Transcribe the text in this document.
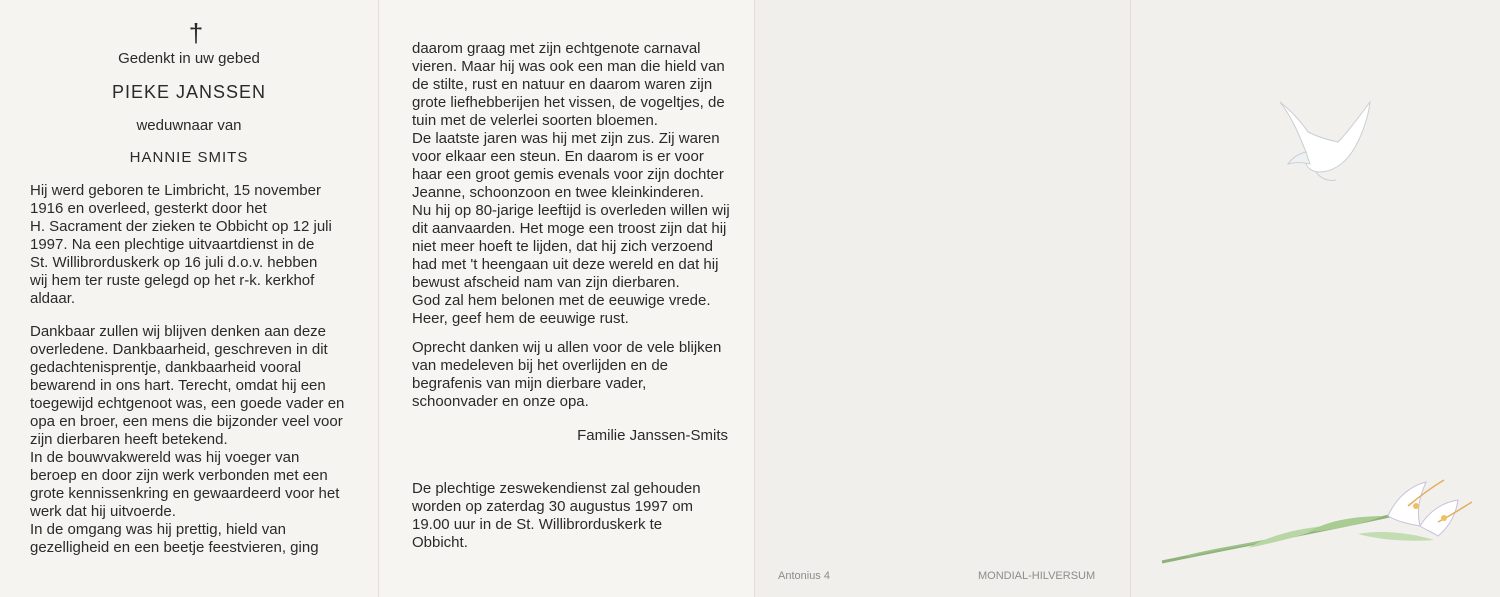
†
Gedenkt in uw gebed
PIEKE JANSSEN
weduwnaar van
HANNIE SMITS
Hij werd geboren te Limbricht, 15 november
1916 en overleed, gesterkt door het
H. Sacrament der zieken te Obbicht op 12 juli
1997. Na een plechtige uitvaartdienst in de
St. Willibrorduskerk op 16 juli d.o.v. hebben
wij hem ter ruste gelegd op het r-k. kerkhof
aldaar.
Dankbaar zullen wij blijven denken aan deze
overledene. Dankbaarheid, geschreven in dit
gedachtenisprentje, dankbaarheid vooral
bewarend in ons hart. Terecht, omdat hij een
toegewijd echtgenoot was, een goede vader en
opa en broer, een mens die bijzonder veel voor
zijn dierbaren heeft betekend.
In de bouwvakwereld was hij voeger van
beroep en door zijn werk verbonden met een
grote kennissenkring en gewaardeerd voor het
werk dat hij uitvoerde.
In de omgang was hij prettig, hield van
gezelligheid en een beetje feestvieren, ging
daarom graag met zijn echtgenote carnaval
vieren. Maar hij was ook een man die hield van
de stilte, rust en natuur en daarom waren zijn
grote liefhebberijen het vissen, de vogeltjes, de
tuin met de velerlei soorten bloemen.
De laatste jaren was hij met zijn zus. Zij waren
voor elkaar een steun. En daarom is er voor
haar een groot gemis evenals voor zijn dochter
Jeanne, schoonzoon en twee kleinkinderen.
Nu hij op 80-jarige leeftijd is overleden willen wij
dit aanvaarden. Het moge een troost zijn dat hij
niet meer hoeft te lijden, dat hij zich verzoend
had met 't heengaan uit deze wereld en dat hij
bewust afscheid nam van zijn dierbaren.
God zal hem belonen met de eeuwige vrede.
Heer, geef hem de eeuwige rust.
Oprecht danken wij u allen voor de vele blijken
van medeleven bij het overlijden en de
begrafenis van mijn dierbare vader,
schoonvader en onze opa.
Familie Janssen-Smits
De plechtige zeswekendienst zal gehouden
worden op zaterdag 30 augustus 1997 om
19.00 uur in de St. Willibrorduskerk te
Obbicht.
Antonius 4	MONDIAL-HILVERSUM
